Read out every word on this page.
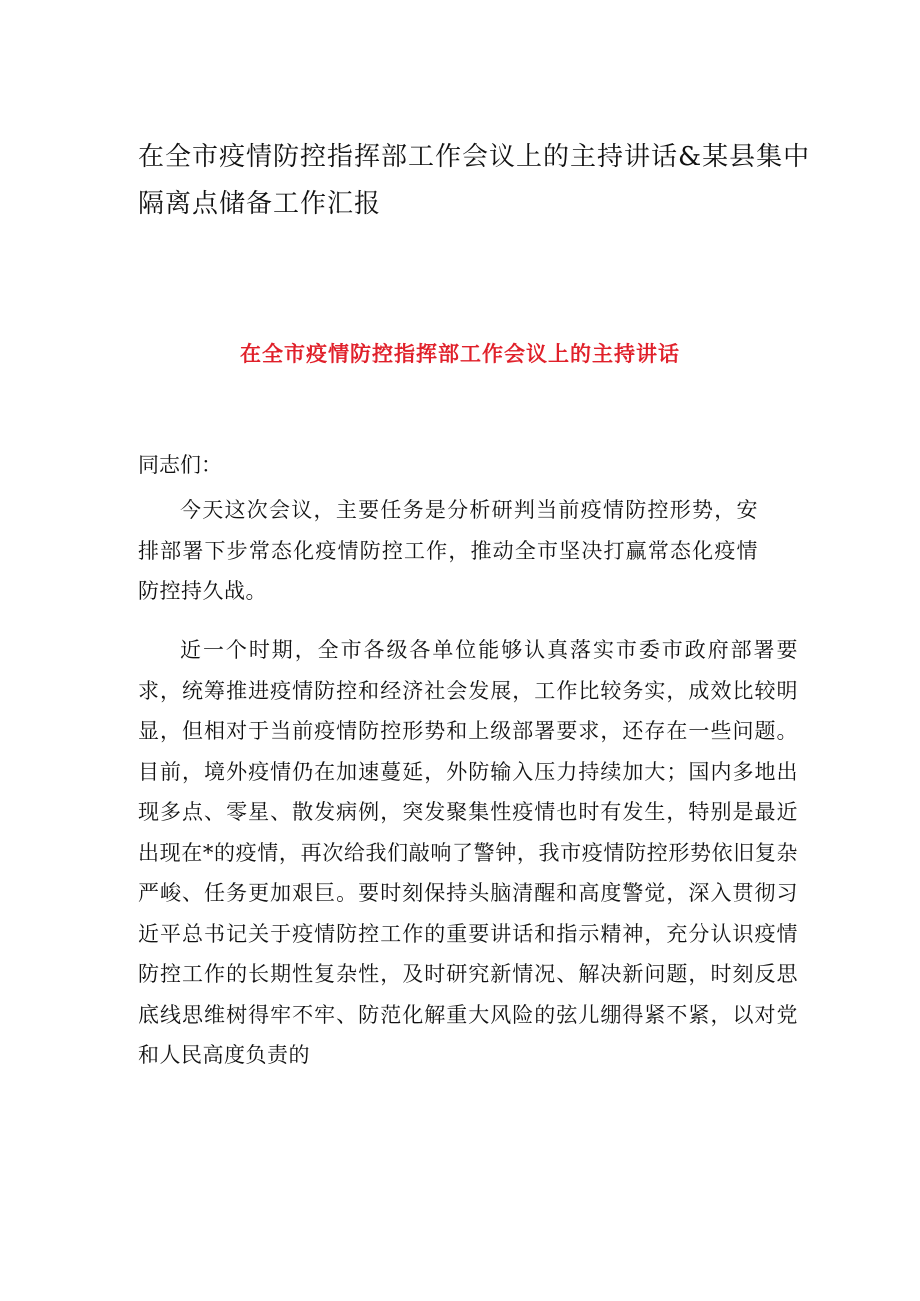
在全市疫情防控指挥部工作会议上的主持讲话&某县集中隔离点储备工作汇报
在全市疫情防控指挥部工作会议上的主持讲话

同志们：

今天这次会议，主要任务是分析研判当前疫情防控形势，安排部署下步常态化疫情防控工作，推动全市坚决打赢常态化疫情防控持久战。

近一个时期，全市各级各单位能够认真落实市委市政府部署要求，统筹推进疫情防控和经济社会发展，工作比较务实，成效比较明显，但相对于当前疫情防控形势和上级部署要求，还存在一些问题。目前，境外疫情仍在加速蔓延，外防输入压力持续加大；国内多地出现多点、零星、散发病例，突发聚集性疫情也时有发生，特别是最近出现在*的疫情，再次给我们敲响了警钟，我市疫情防控形势依旧复杂严峻、任务更加艰巨。要时刻保持头脑清醒和高度警觉，深入贯彻习近平总书记关于疫情防控工作的重要讲话和指示精神，充分认识疫情防控工作的长期性复杂性，及时研究新情况、解决新问题，时刻反思底线思维树得牢不牢、防范化解重大风险的弦儿绷得紧不紧，以对党和人民高度负责的
